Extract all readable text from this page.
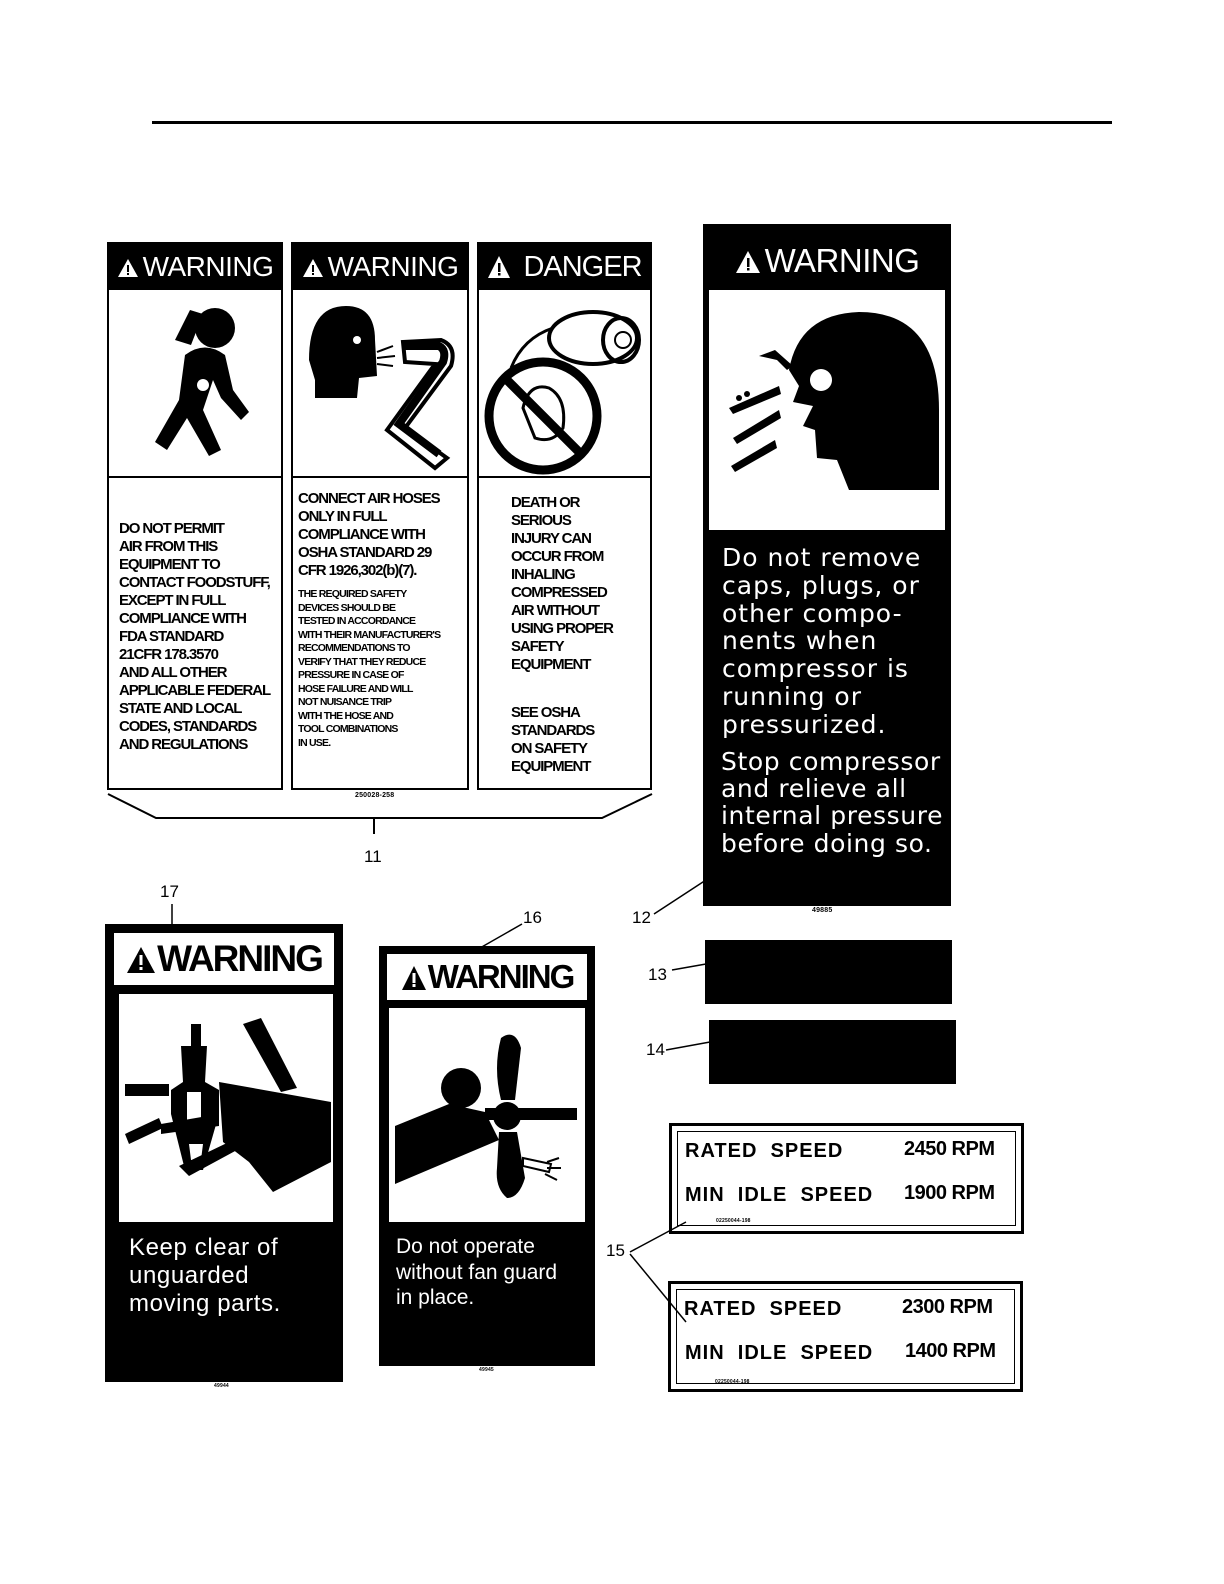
WARNING
DO NOT PERMIT
AIR FROM THIS
EQUIPMENT TO
CONTACT FOODSTUFF,
EXCEPT IN FULL
COMPLIANCE WITH
FDA STANDARD
21CFR 178.3570
AND ALL OTHER
APPLICABLE FEDERAL
STATE AND LOCAL
CODES, STANDARDS
AND REGULATIONS
WARNING
CONNECT AIR HOSES
ONLY IN FULL
COMPLIANCE WITH
OSHA STANDARD 29
CFR 1926,302(b)(7).
THE REQUIRED SAFETY
DEVICES SHOULD BE
TESTED IN ACCORDANCE
WITH THEIR MANUFACTURER'S
RECOMMENDATIONS TO
VERIFY THAT THEY REDUCE
PRESSURE IN CASE OF
HOSE FAILURE AND WILL
NOT NUISANCE TRIP
WITH THE HOSE AND
TOOL COMBINATIONS
IN USE.
DANGER
DEATH OR
SERIOUS
INJURY CAN
OCCUR FROM
INHALING
COMPRESSED
AIR WITHOUT
USING PROPER
SAFETY
EQUIPMENT
SEE OSHA
STANDARDS
ON SAFETY
EQUIPMENT
250028-258
11
WARNING
Do not remove
caps, plugs, or
other compo-
nents when
compressor is
running or
pressurized.
Stop compressor
and relieve all
internal pressure
before doing so.
49885
12
13
14
RATED  SPEED	2450 RPM
MIN  IDLE  SPEED 1900 RPM
02250044-198
RATED  SPEED	2300 RPM
MIN  IDLE  SPEED 1400 RPM
02250044-198
15
WARNING
Keep clear of
unguarded
moving parts.
49944
17
WARNING
Do not operate
without fan guard
in place.
49945
16
